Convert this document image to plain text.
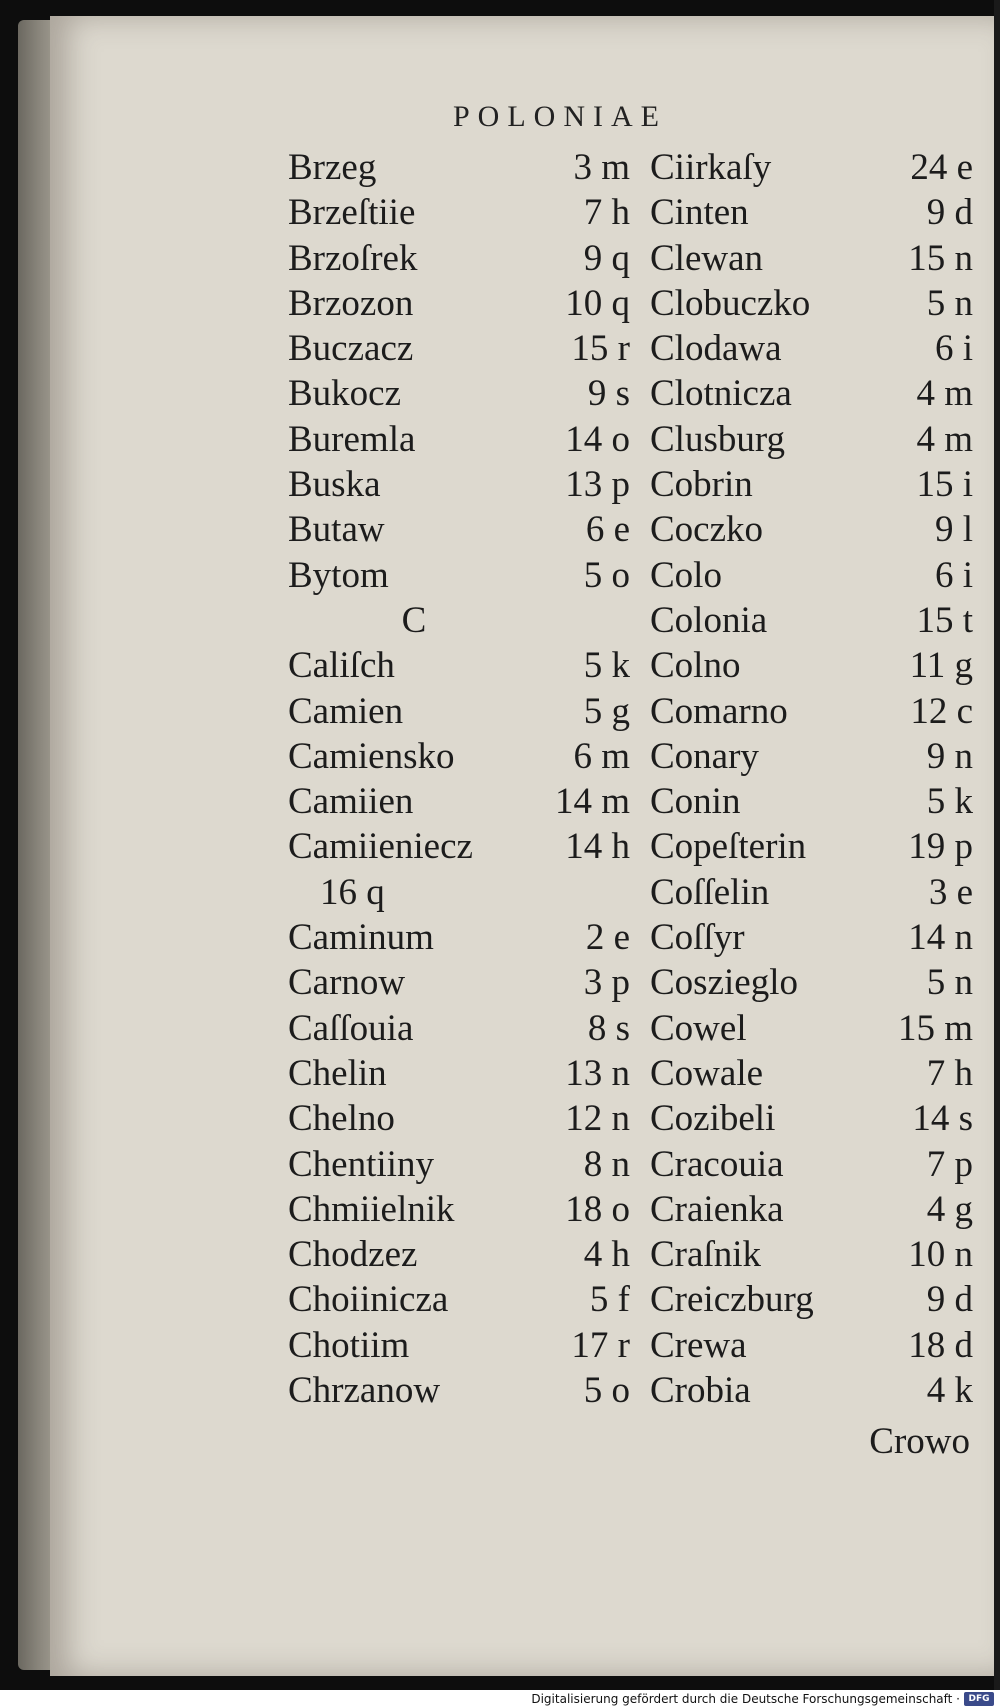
POLONIAE
Brzeg	3 m
Brzeſtiie	7 h
Brzoſrek	9 q
Brzozon	10 q
Buczacz	15 r
Bukocz	9 s
Buremla	14 o
Buska	13 p
Butaw	6 e
Bytom	5 o
C
Caliſch	5 k
Camien	5 g
Camiensko	6 m
Camiien	14 m
Camiieniecz 14 h
16 q
Caminum	2 e
Carnow	3 p
Caſſouia	8 s
Chelin	13 n
Chelno	12 n
Chentiiny	8 n
Chmiielnik	18 o
Chodzez	4 h
Choiinicza	5 f
Chotiim	17 r
Chrzanow	5 o
Ciirkaſy	24 e
Cinten	9 d
Clewan	15 n
Clobuczko	5 n
Clodawa	6 i
Clotnicza	4 m
Clusburg	4 m
Cobrin	15 i
Coczko	9 l
Colo	6 i
Colonia	15 t
Colno	11 g
Comarno	12 c
Conary	9 n
Conin	5 k
Copeſterin	19 p
Coſſelin	3 e
Coſſyr	14 n
Coszieglo	5 n
Cowel	15 m
Cowale	7 h
Cozibeli	14 s
Cracouia	7 p
Craienka	4 g
Craſnik	10 n
Creiczburg	9 d
Crewa	18 d
Crobia	4 k
Crowo
Digitalisierung gefördert durch die Deutsche Forschungsgemeinschaft · DFG
